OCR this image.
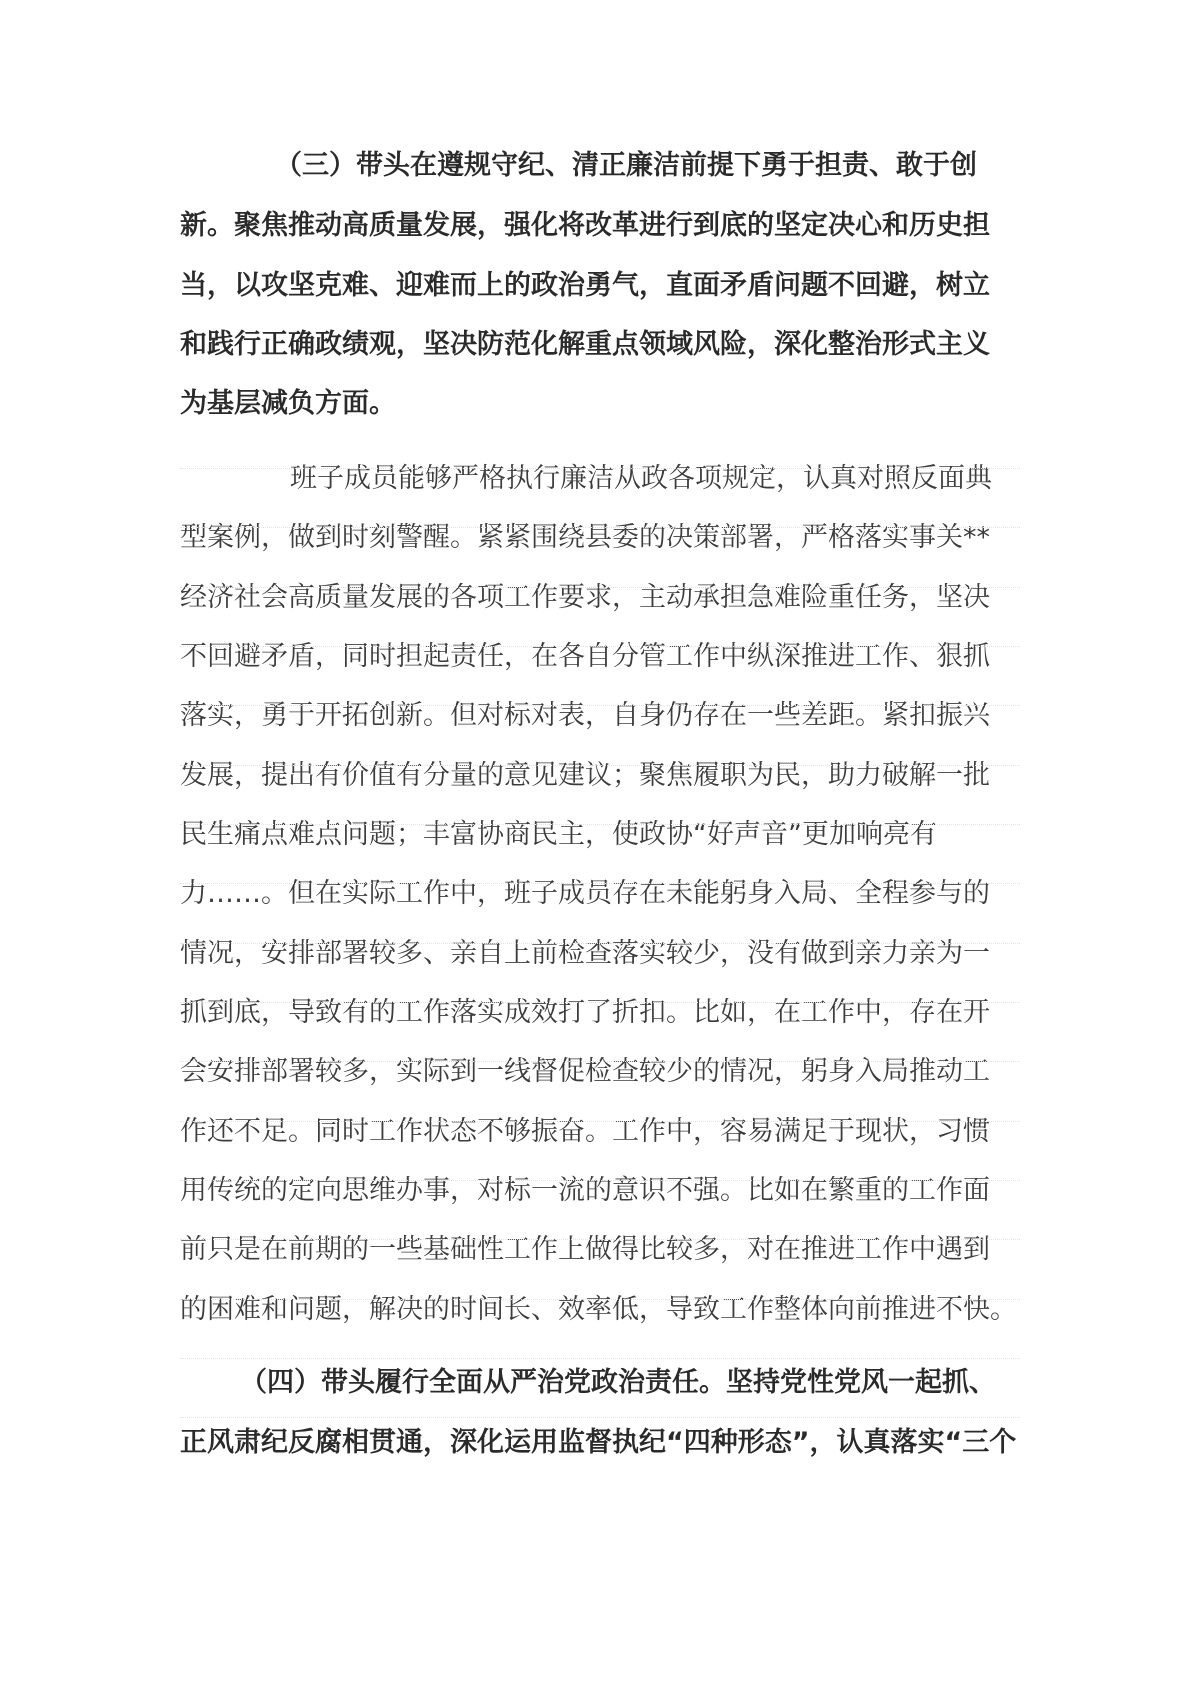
（三）带头在遵规守纪、清正廉洁前提下勇于担责、敢于创
新。聚焦推动高质量发展，强化将改革进行到底的坚定决心和历史担
当，以攻坚克难、迎难而上的政治勇气，直面矛盾问题不回避，树立
和践行正确政绩观，坚决防范化解重点领域风险，深化整治形式主义
为基层减负方面。
班子成员能够严格执行廉洁从政各项规定，认真对照反面典
型案例，做到时刻警醒。紧紧围绕县委的决策部署，严格落实事关**
经济社会高质量发展的各项工作要求，主动承担急难险重任务，坚决
不回避矛盾，同时担起责任，在各自分管工作中纵深推进工作、狠抓
落实，勇于开拓创新。但对标对表，自身仍存在一些差距。紧扣振兴
发展，提出有价值有分量的意见建议；聚焦履职为民，助力破解一批
民生痛点难点问题；丰富协商民主，使政协“好声音”更加响亮有
力……。但在实际工作中，班子成员存在未能躬身入局、全程参与的
情况，安排部署较多、亲自上前检查落实较少，没有做到亲力亲为一
抓到底，导致有的工作落实成效打了折扣。比如，在工作中，存在开
会安排部署较多，实际到一线督促检查较少的情况，躬身入局推动工
作还不足。同时工作状态不够振奋。工作中，容易满足于现状，习惯
用传统的定向思维办事，对标一流的意识不强。比如在繁重的工作面
前只是在前期的一些基础性工作上做得比较多，对在推进工作中遇到
的困难和问题，解决的时间长、效率低，导致工作整体向前推进不快。
（四）带头履行全面从严治党政治责任。坚持党性党风一起抓、
正风肃纪反腐相贯通，深化运用监督执纪“四种形态”，认真落实“三个
